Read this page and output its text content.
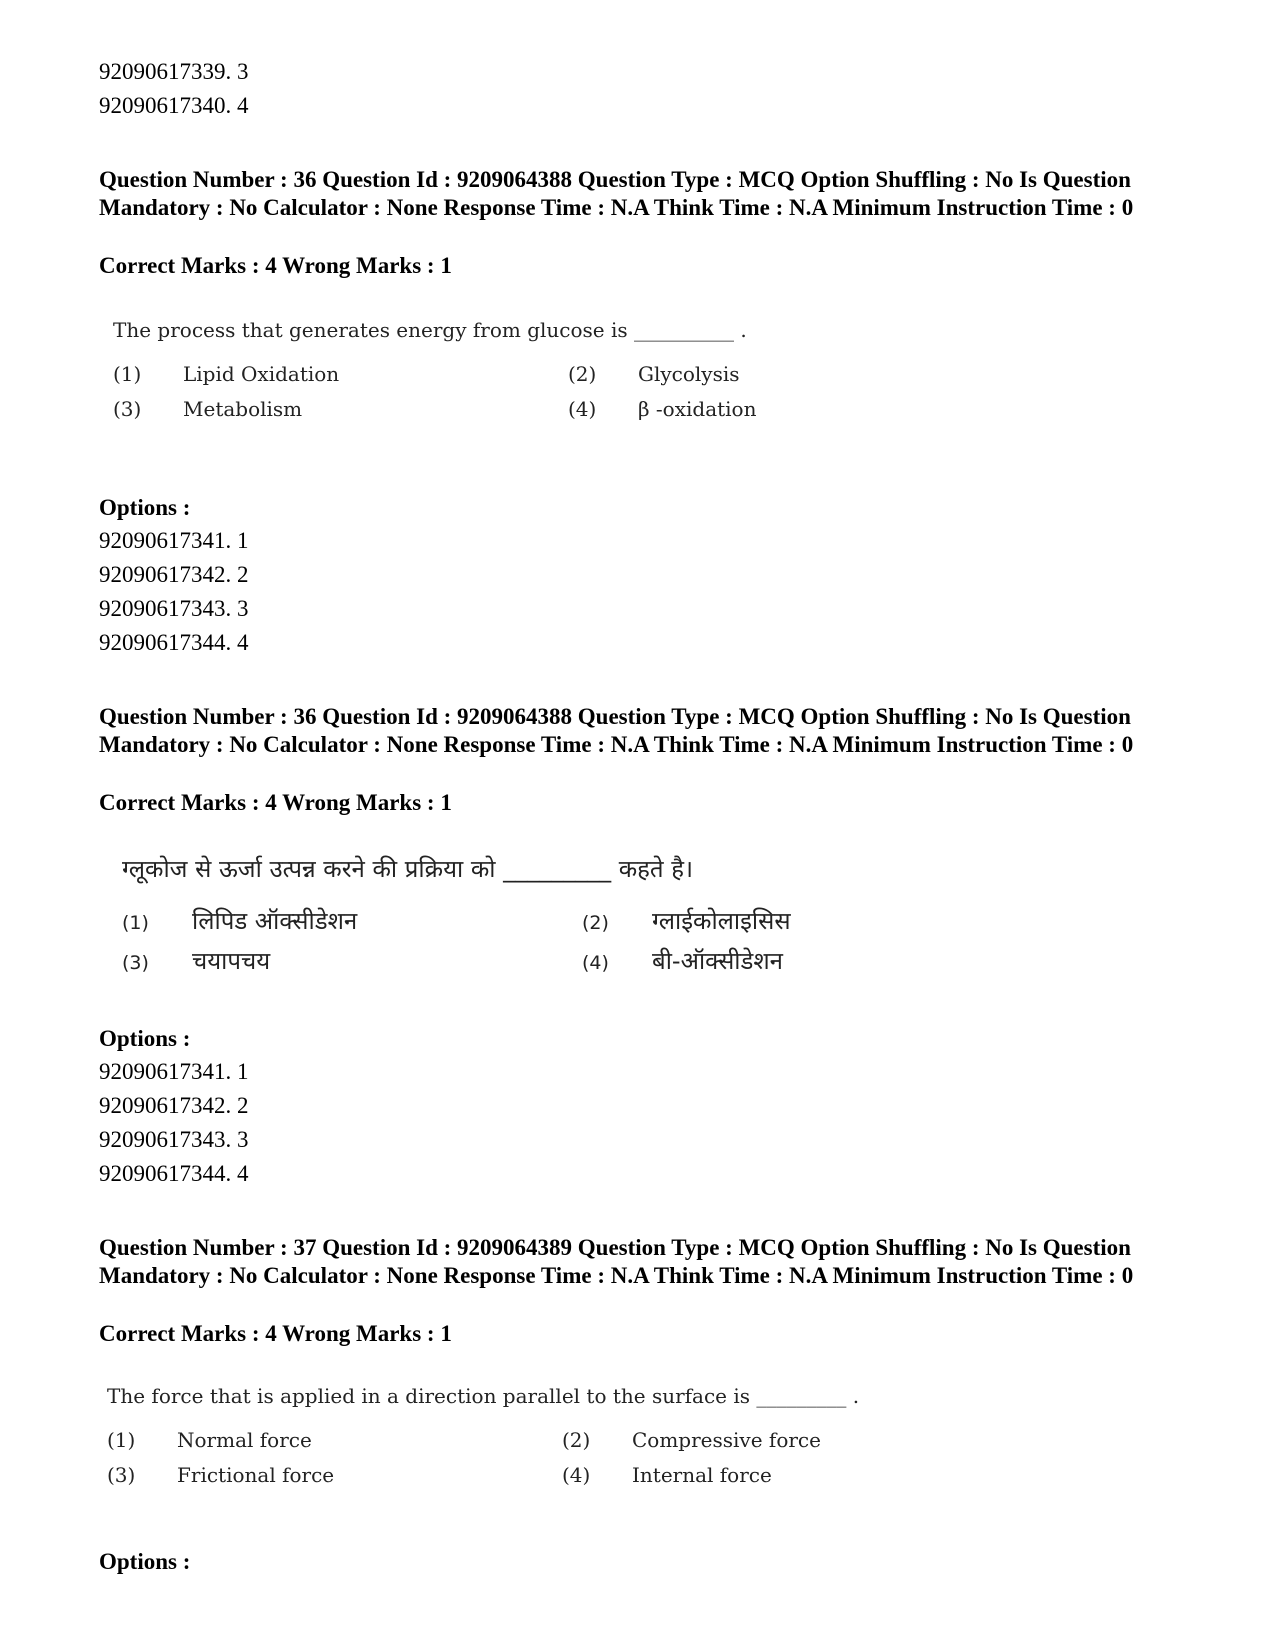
92090617339. 3
92090617340. 4
Question Number : 36 Question Id : 9209064388 Question Type : MCQ Option Shuffling : No Is Question Mandatory : No Calculator : None Response Time : N.A Think Time : N.A Minimum Instruction Time : 0
Correct Marks : 4 Wrong Marks : 1
The process that generates energy from glucose is __________ .
(1) Lipid Oxidation	(2) Glycolysis
(3) Metabolism	(4) β -oxidation
Options :
92090617341. 1
92090617342. 2
92090617343. 3
92090617344. 4
Question Number : 36 Question Id : 9209064388 Question Type : MCQ Option Shuffling : No Is Question Mandatory : No Calculator : None Response Time : N.A Think Time : N.A Minimum Instruction Time : 0
Correct Marks : 4 Wrong Marks : 1
ग्लूकोज से ऊर्जा उत्पन्न करने की प्रक्रिया को _________ कहते है।
(1) लिपिड ऑक्सीडेशन	(2) ग्लाईकोलाइसिस
(3) चयापचय	(4) बी-ऑक्सीडेशन
Options :
92090617341. 1
92090617342. 2
92090617343. 3
92090617344. 4
Question Number : 37 Question Id : 9209064389 Question Type : MCQ Option Shuffling : No Is Question Mandatory : No Calculator : None Response Time : N.A Think Time : N.A Minimum Instruction Time : 0
Correct Marks : 4 Wrong Marks : 1
The force that is applied in a direction parallel to the surface is _________ .
(1) Normal force	(2) Compressive force
(3) Frictional force	(4) Internal force
Options :
